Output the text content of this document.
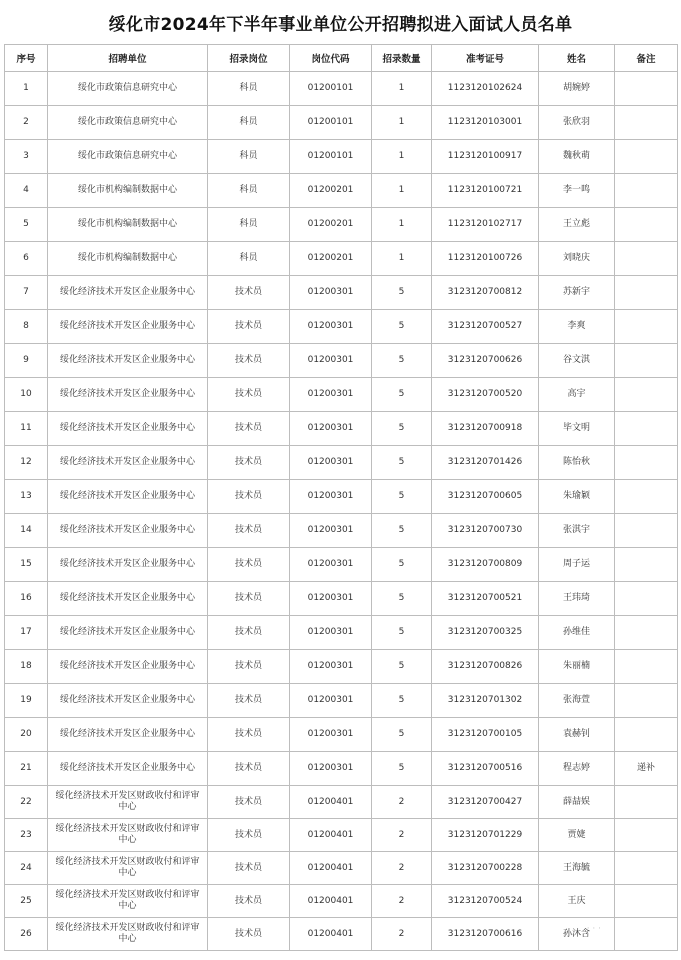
绥化市2024年下半年事业单位公开招聘拟进入面试人员名单
序号	招聘单位	招录岗位	岗位代码	招录数量	准考证号	姓名	备注
1	绥化市政策信息研究中心	科员	01200101	1	1123120102624	胡婉婷	
2	绥化市政策信息研究中心	科员	01200101	1	1123120103001	张欣羽	
3	绥化市政策信息研究中心	科员	01200101	1	1123120100917	魏秋萌	
4	绥化市机构编制数据中心	科员	01200201	1	1123120100721	李一鸣	
5	绥化市机构编制数据中心	科员	01200201	1	1123120102717	王立彪	
6	绥化市机构编制数据中心	科员	01200201	1	1123120100726	刘晓庆	
7	绥化经济技术开发区企业服务中心	技术员	01200301	5	3123120700812	苏新宇	
8	绥化经济技术开发区企业服务中心	技术员	01200301	5	3123120700527	李爽	
9	绥化经济技术开发区企业服务中心	技术员	01200301	5	3123120700626	谷文淇	
10	绥化经济技术开发区企业服务中心	技术员	01200301	5	3123120700520	高宇	
11	绥化经济技术开发区企业服务中心	技术员	01200301	5	3123120700918	毕文明	
12	绥化经济技术开发区企业服务中心	技术员	01200301	5	3123120701426	陈怡秋	
13	绥化经济技术开发区企业服务中心	技术员	01200301	5	3123120700605	朱瑜颖	
14	绥化经济技术开发区企业服务中心	技术员	01200301	5	3123120700730	张淇宇	
15	绥化经济技术开发区企业服务中心	技术员	01200301	5	3123120700809	周子运	
16	绥化经济技术开发区企业服务中心	技术员	01200301	5	3123120700521	王玮琦	
17	绥化经济技术开发区企业服务中心	技术员	01200301	5	3123120700325	孙维佳	
18	绥化经济技术开发区企业服务中心	技术员	01200301	5	3123120700826	朱丽楠	
19	绥化经济技术开发区企业服务中心	技术员	01200301	5	3123120701302	张海萱	
20	绥化经济技术开发区企业服务中心	技术员	01200301	5	3123120700105	袁赫钊	
21	绥化经济技术开发区企业服务中心	技术员	01200301	5	3123120700516	程志婷	递补
22	绥化经济技术开发区财政收付和评审中心	技术员	01200401	2	3123120700427	薛喆娱	
23	绥化经济技术开发区财政收付和评审中心	技术员	01200401	2	3123120701229	贾婕	
24	绥化经济技术开发区财政收付和评审中心	技术员	01200401	2	3123120700228	王海毓	
25	绥化经济技术开发区财政收付和评审中心	技术员	01200401	2	3123120700524	王庆	
26	绥化经济技术开发区财政收付和评审中心	技术员	01200401	2	3123120700616	孙沐含	
· · ·
